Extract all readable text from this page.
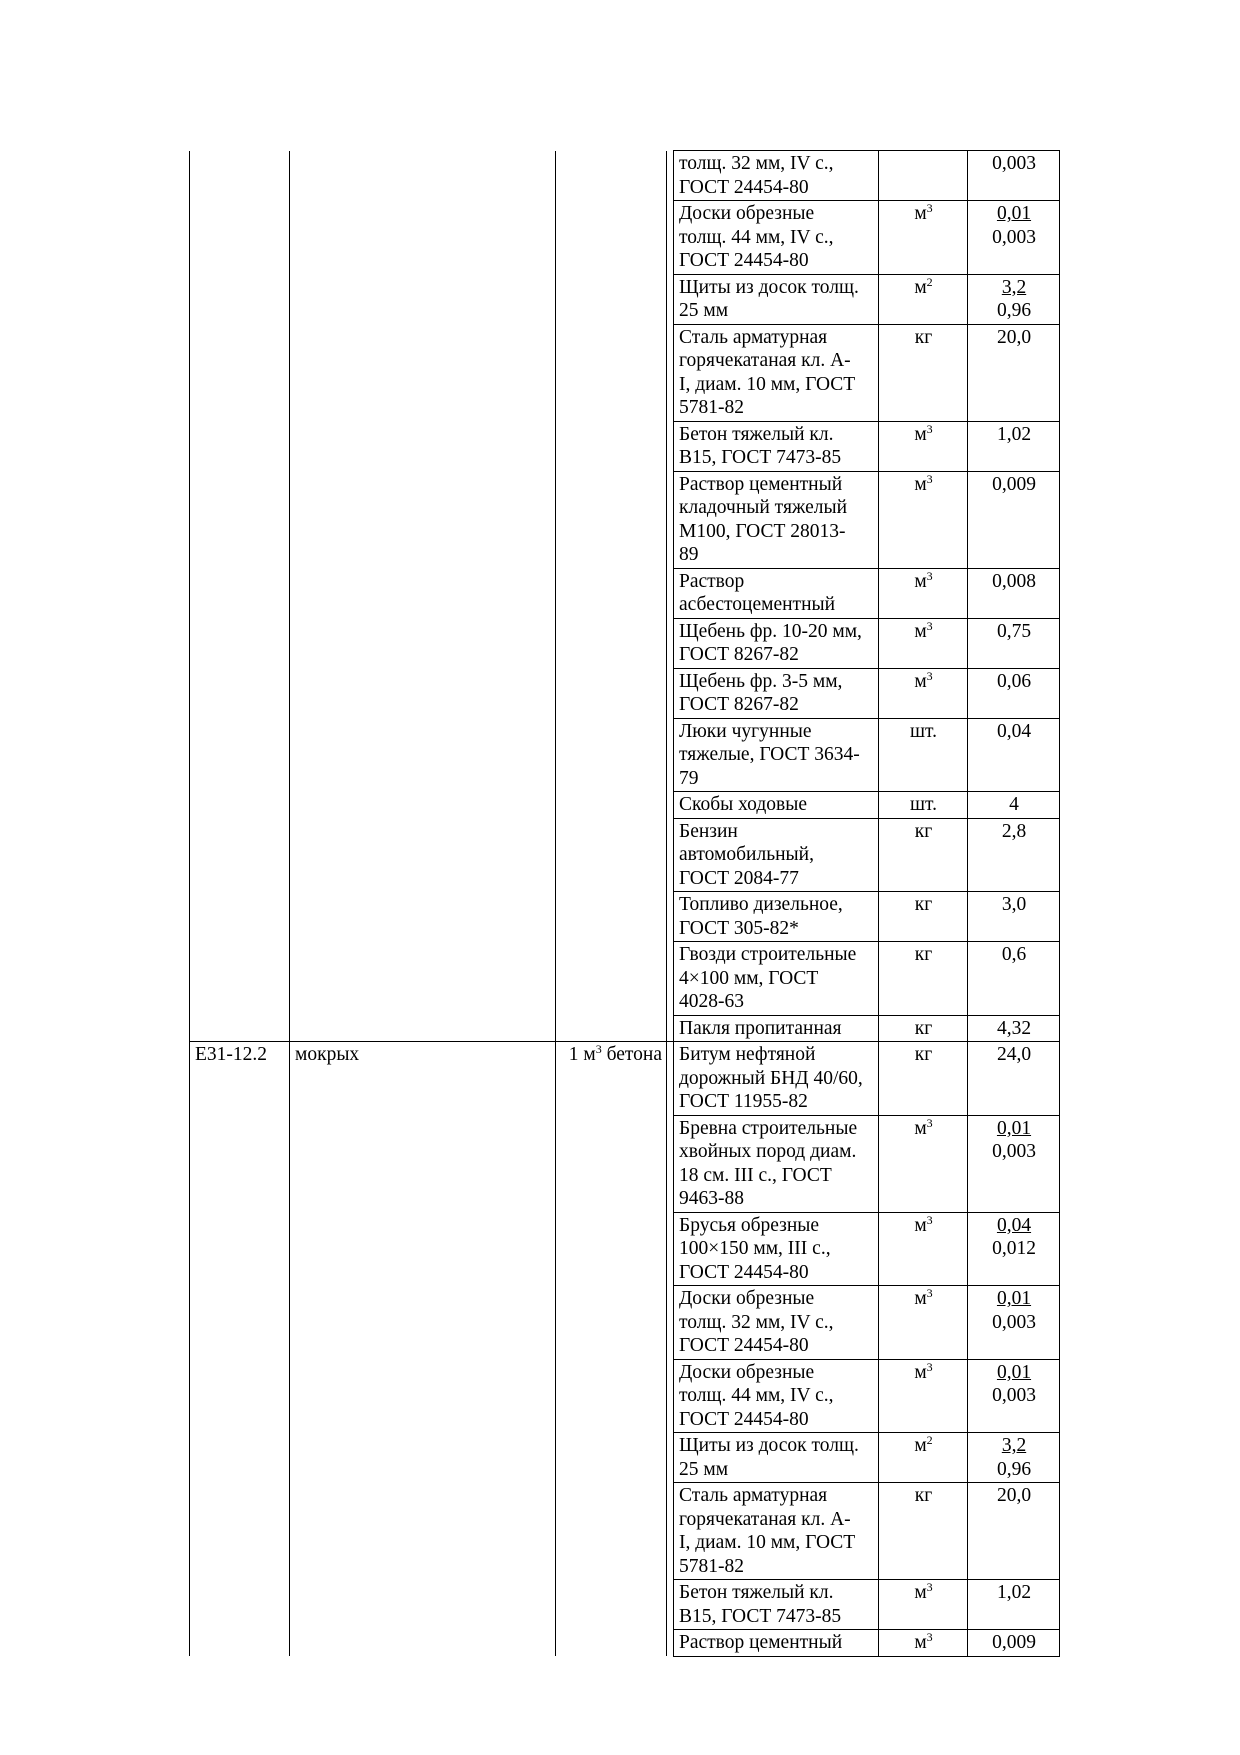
				толщ. 32 мм, IV с.,
ГОСТ 24454-80		0,003

				Доски обрезные
толщ. 44 мм, IV с.,
ГОСТ 24454-80	$м^3$	0,01
0,003

				Щиты из досок толщ.
25 мм	$м^2$	3,2
0,96

				Сталь арматурная
горячекатаная кл. А-
I, диам. 10 мм, ГОСТ
5781-82	кг	20,0

				Бетон тяжелый кл.
В15, ГОСТ 7473-85	$м^3$	1,02

				Раствор цементный
кладочный тяжелый
М100, ГОСТ 28013-
89	$м^3$	0,009

				Раствор
асбестоцементный	$м^3$	0,008

				Щебень фр. 10-20 мм,
ГОСТ 8267-82	$м^3$	0,75

				Щебень фр. 3-5 мм,
ГОСТ 8267-82	$м^3$	0,06

				Люки чугунные
тяжелые, ГОСТ 3634-
79	шт.	0,04

				Скобы ходовые	шт.	4

				Бензин
автомобильный,
ГОСТ 2084-77	кг	2,8

				Топливо дизельное,
ГОСТ 305-82*	кг	3,0

				Гвозди строительные
4×100 мм, ГОСТ
4028-63	кг	0,6

				Пакля пропитанная	кг	4,32

Е31-12.2	мокрых	1 $м^3$ бетона		Битум нефтяной
дорожный БНД 40/60,
ГОСТ 11955-82	кг	24,0

				Бревна строительные
хвойных пород диам.
18 см. III с., ГОСТ
9463-88	$м^3$	0,01
0,003

				Брусья обрезные
100×150 мм, III с.,
ГОСТ 24454-80	$м^3$	0,04
0,012

				Доски обрезные
толщ. 32 мм, IV с.,
ГОСТ 24454-80	$м^3$	0,01
0,003

				Доски обрезные
толщ. 44 мм, IV с.,
ГОСТ 24454-80	$м^3$	0,01
0,003

				Щиты из досок толщ.
25 мм	$м^2$	3,2
0,96

				Сталь арматурная
горячекатаная кл. А-
I, диам. 10 мм, ГОСТ
5781-82	кг	20,0

				Бетон тяжелый кл.
В15, ГОСТ 7473-85	$м^3$	1,02

				Раствор цементный	$м^3$	0,009
